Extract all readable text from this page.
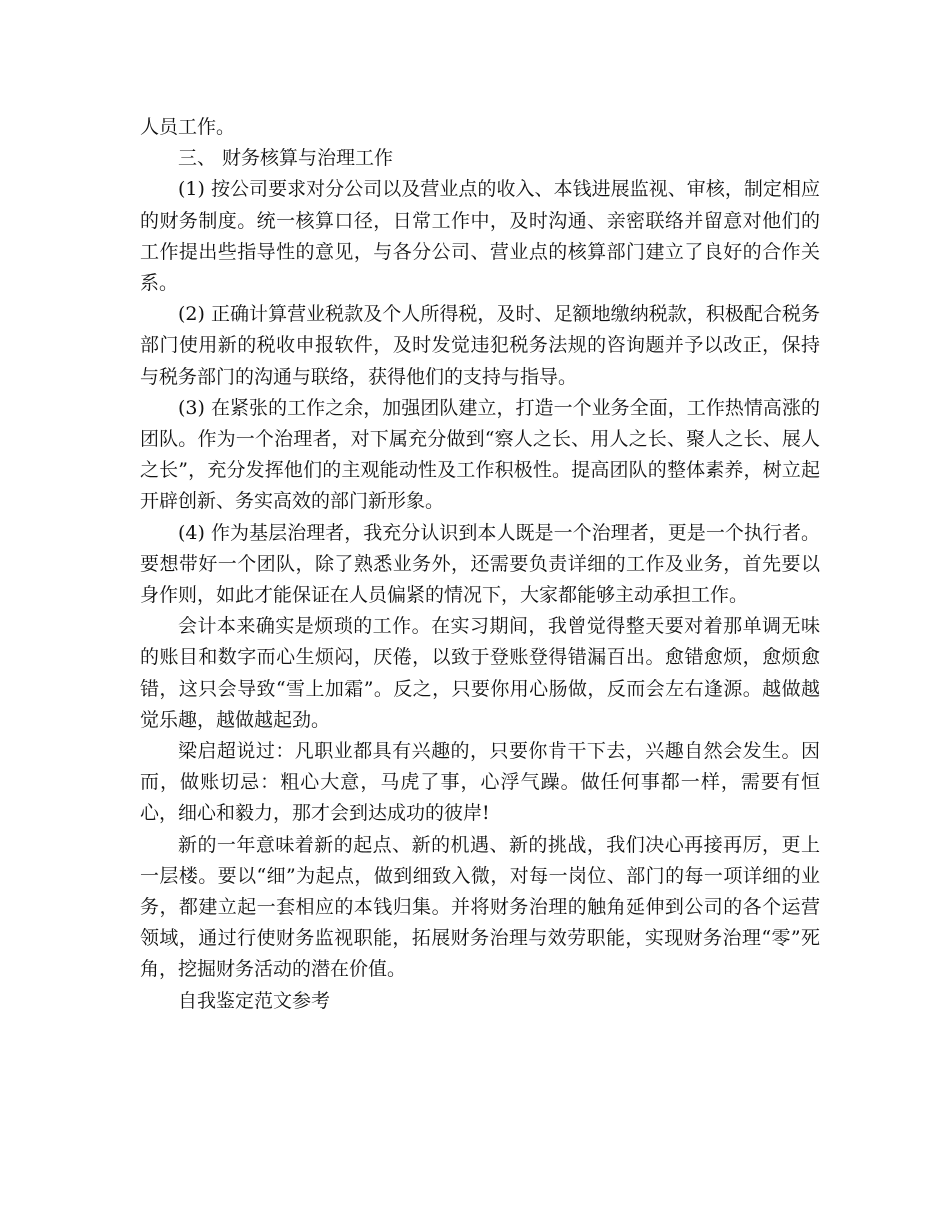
人员工作。

三、 财务核算与治理工作

(1) 按公司要求对分公司以及营业点的收入、本钱进展监视、审核，制定相应的财务制度。统一核算口径，日常工作中，及时沟通、亲密联络并留意对他们的工作提出些指导性的意见，与各分公司、营业点的核算部门建立了良好的合作关系。

(2) 正确计算营业税款及个人所得税，及时、足额地缴纳税款，积极配合税务部门使用新的税收申报软件，及时发觉违犯税务法规的咨询题并予以改正，保持与税务部门的沟通与联络，获得他们的支持与指导。

(3) 在紧张的工作之余，加强团队建立，打造一个业务全面，工作热情高涨的团队。作为一个治理者，对下属充分做到“察人之长、用人之长、聚人之长、展人之长”，充分发挥他们的主观能动性及工作积极性。提高团队的整体素养，树立起开辟创新、务实高效的部门新形象。

(4) 作为基层治理者，我充分认识到本人既是一个治理者，更是一个执行者。要想带好一个团队，除了熟悉业务外，还需要负责详细的工作及业务，首先要以身作则，如此才能保证在人员偏紧的情况下，大家都能够主动承担工作。

会计本来确实是烦琐的工作。在实习期间，我曾觉得整天要对着那单调无味的账目和数字而心生烦闷，厌倦，以致于登账登得错漏百出。愈错愈烦，愈烦愈错，这只会导致“雪上加霜”。反之，只要你用心肠做，反而会左右逢源。越做越觉乐趣，越做越起劲。

梁启超说过：凡职业都具有兴趣的，只要你肯干下去，兴趣自然会发生。因而，做账切忌：粗心大意，马虎了事，心浮气躁。做任何事都一样，需要有恒心，细心和毅力，那才会到达成功的彼岸!

新的一年意味着新的起点、新的机遇、新的挑战，我们决心再接再厉，更上一层楼。要以“细”为起点，做到细致入微，对每一岗位、部门的每一项详细的业务，都建立起一套相应的本钱归集。并将财务治理的触角延伸到公司的各个运营领域，通过行使财务监视职能，拓展财务治理与效劳职能，实现财务治理“零”死角，挖掘财务活动的潜在价值。

自我鉴定范文参考
